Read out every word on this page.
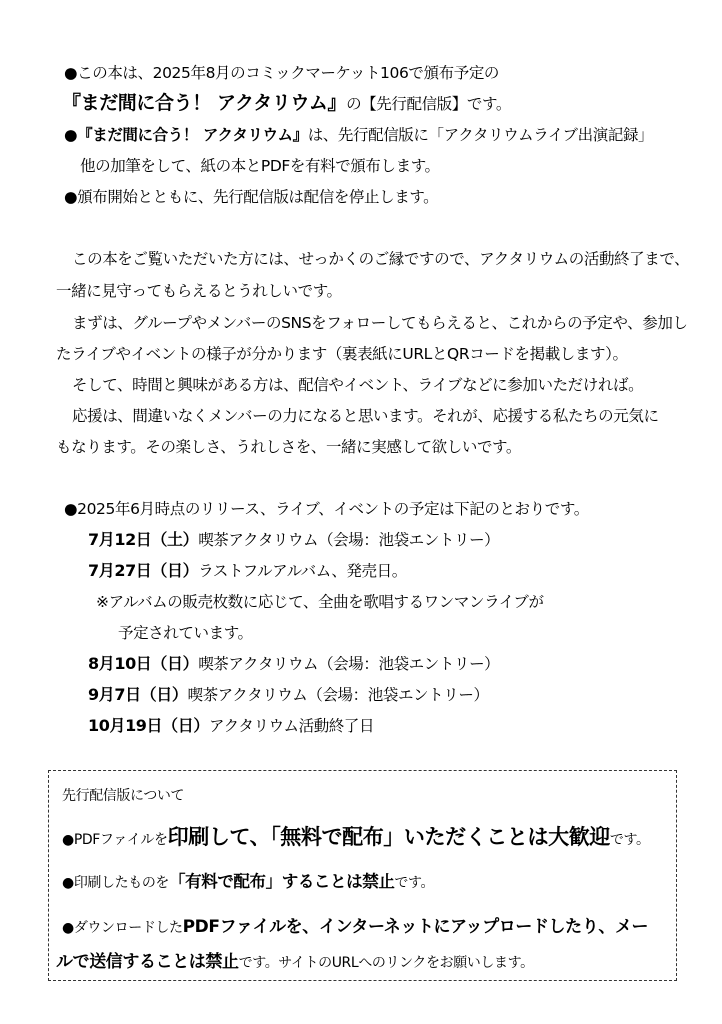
●この本は、2025年8月のコミックマーケット106で頒布予定の
『まだ間に合う！ アクタリウム』の【先行配信版】です。
●『まだ間に合う！ アクタリウム』は、先行配信版に「アクタリウムライブ出演記録」
他の加筆をして、紙の本とPDFを有料で頒布します。
●頒布開始とともに、先行配信版は配信を停止します。
この本をご覧いただいた方には、せっかくのご縁ですので、アクタリウムの活動終了まで、
一緒に見守ってもらえるとうれしいです。
まずは、グループやメンバーのSNSをフォローしてもらえると、これからの予定や、参加し
たライブやイベントの様子が分かります（裏表紙にURLとQRコードを掲載します）。
そして、時間と興味がある方は、配信やイベント、ライブなどに参加いただければ。
応援は、間違いなくメンバーの力になると思います。それが、応援する私たちの元気に
もなります。その楽しさ、うれしさを、一緒に実感して欲しいです。
●2025年6月時点のリリース、ライブ、イベントの予定は下記のとおりです。
7月12日（土）喫茶アクタリウム（会場：池袋エントリー）
7月27日（日）ラストフルアルバム、発売日。
※アルバムの販売枚数に応じて、全曲を歌唱するワンマンライブが
予定されています。
8月10日（日）喫茶アクタリウム（会場：池袋エントリー）
9月7日（日）喫茶アクタリウム（会場：池袋エントリー）
10月19日（日）アクタリウム活動終了日
先行配信版について
●PDFファイルを印刷して、「無料で配布」いただくことは大歓迎です。
●印刷したものを「有料で配布」することは禁止です。
●ダウンロードしたPDFファイルを、インターネットにアップロードしたり、メー
ルで送信することは禁止です。サイトのURLへのリンクをお願いします。
